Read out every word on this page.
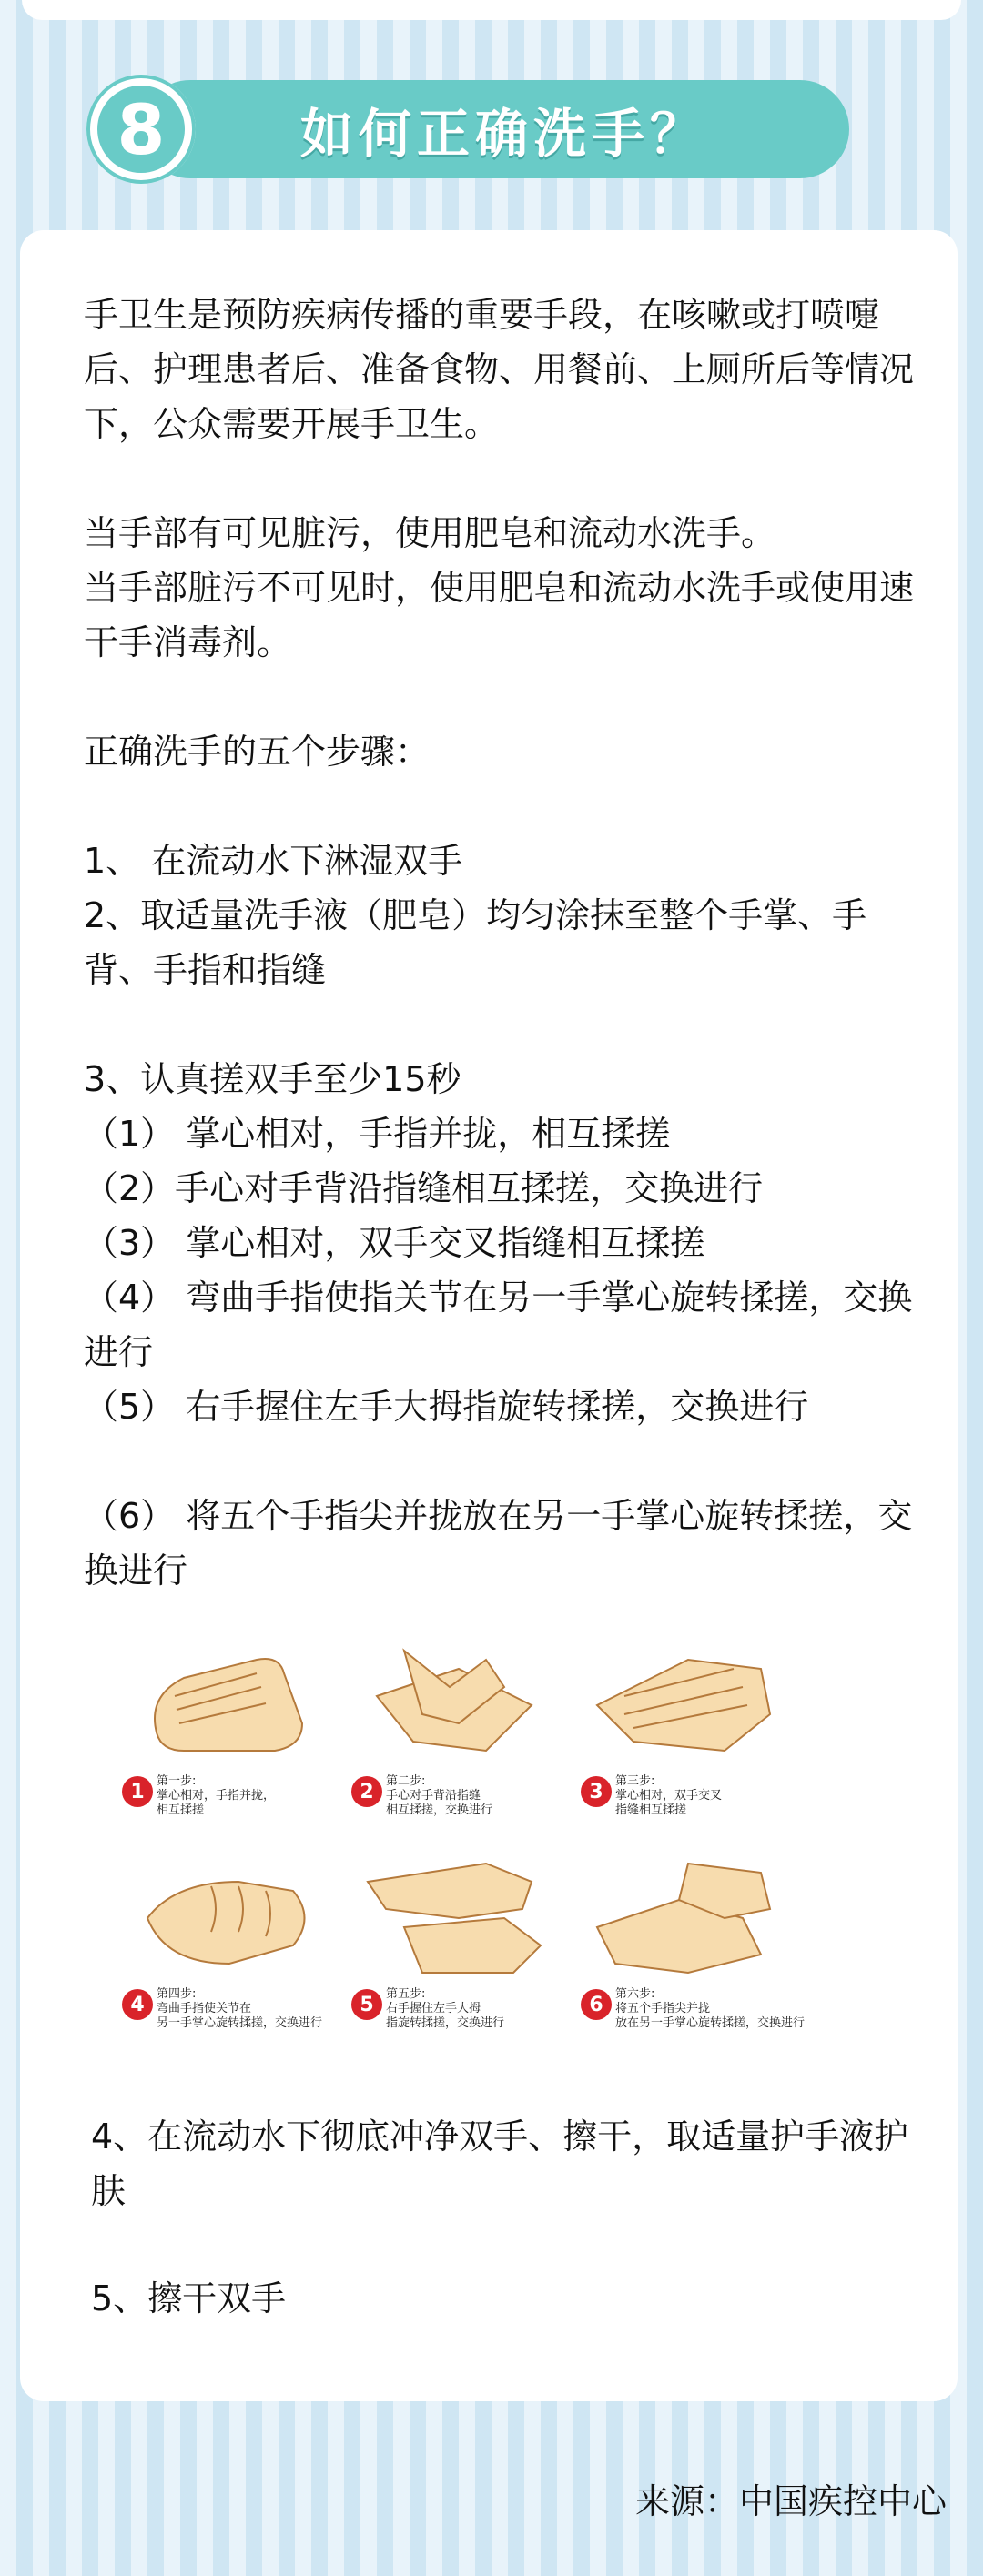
如何正确洗手？
8

手卫生是预防疾病传播的重要手段，在咳嗽或打喷嚏后、护理患者后、准备食物、用餐前、上厕所后等情况下，公众需要开展手卫生。

当手部有可见脏污，使用肥皂和流动水洗手。

当手部脏污不可见时，使用肥皂和流动水洗手或使用速干手消毒剂。

正确洗手的五个步骤：

1、 在流动水下淋湿双手

2、取适量洗手液（肥皂）均匀涂抹至整个手掌、手背、手指和指缝

3、认真搓双手至少15秒

（1） 掌心相对，手指并拢，相互揉搓

（2）手心对手背沿指缝相互揉搓，交换进行

（3） 掌心相对，双手交叉指缝相互揉搓

（4） 弯曲手指使指关节在另一手掌心旋转揉搓，交换进行

（5） 右手握住左手大拇指旋转揉搓，交换进行

（6） 将五个手指尖并拢放在另一手掌心旋转揉搓，交换进行

1	第一步:
掌心相对，手指并拢，
相互揉搓
2	第二步:
手心对手背沿指缝
相互揉搓，交换进行
3	第三步:
掌心相对，双手交叉
指缝相互揉搓
4	第四步:
弯曲手指使关节在
另一手掌心旋转揉搓，交换进行
5	第五步:
右手握住左手大拇
指旋转揉搓，交换进行
6	第六步:
将五个手指尖并拢
放在另一手掌心旋转揉搓，交换进行

4、在流动水下彻底冲净双手、擦干，取适量护手液护肤

5、擦干双手

来源：中国疾控中心
